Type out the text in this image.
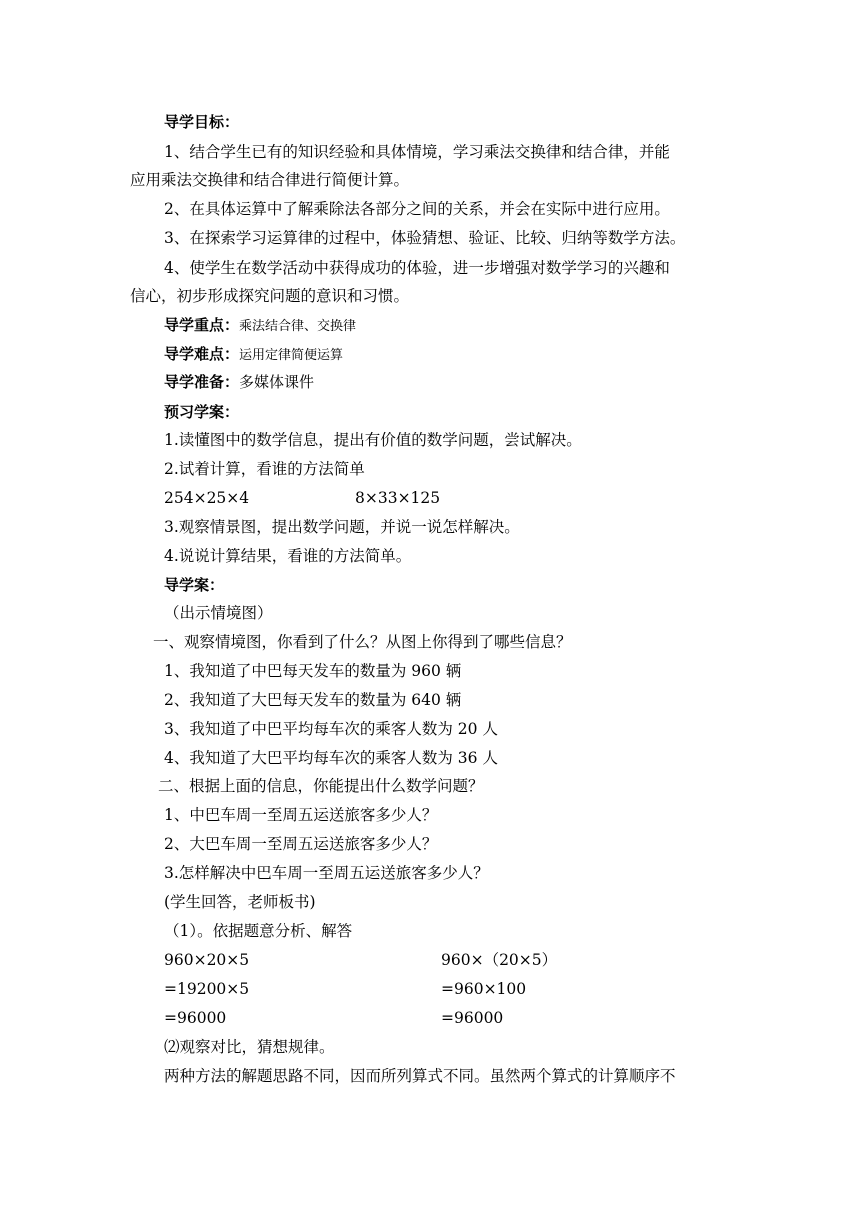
导学目标：
1、结合学生已有的知识经验和具体情境，学习乘法交换律和结合律，并能
应用乘法交换律和结合律进行简便计算。
2、在具体运算中了解乘除法各部分之间的关系，并会在实际中进行应用。
3、在探索学习运算律的过程中，体验猜想、验证、比较、归纳等数学方法。
4、使学生在数学活动中获得成功的体验，进一步增强对数学学习的兴趣和
信心，初步形成探究问题的意识和习惯。
导学重点：乘法结合律、交换律
导学难点：运用定律简便运算
导学准备：多媒体课件
预习学案：
1.读懂图中的数学信息，提出有价值的数学问题，尝试解决。
2.试着计算，看谁的方法简单
254×25×4	8×33×125
3.观察情景图，提出数学问题，并说一说怎样解决。
4.说说计算结果，看谁的方法简单。
导学案：
（出示情境图）
一、观察情境图，你看到了什么？从图上你得到了哪些信息？
1、我知道了中巴每天发车的数量为 960 辆
2、我知道了大巴每天发车的数量为 640 辆
3、我知道了中巴平均每车次的乘客人数为 20 人
4、我知道了大巴平均每车次的乘客人数为 36 人
二、根据上面的信息，你能提出什么数学问题？
1、中巴车周一至周五运送旅客多少人？
2、大巴车周一至周五运送旅客多少人？
3.怎样解决中巴车周一至周五运送旅客多少人？
(学生回答，老师板书)
（1）。依据题意分析、解答
960×20×5
=19200×5
=96000
960×（20×5）
=960×100
=96000
⑵观察对比，猜想规律。
两种方法的解题思路不同，因而所列算式不同。虽然两个算式的计算顺序不
